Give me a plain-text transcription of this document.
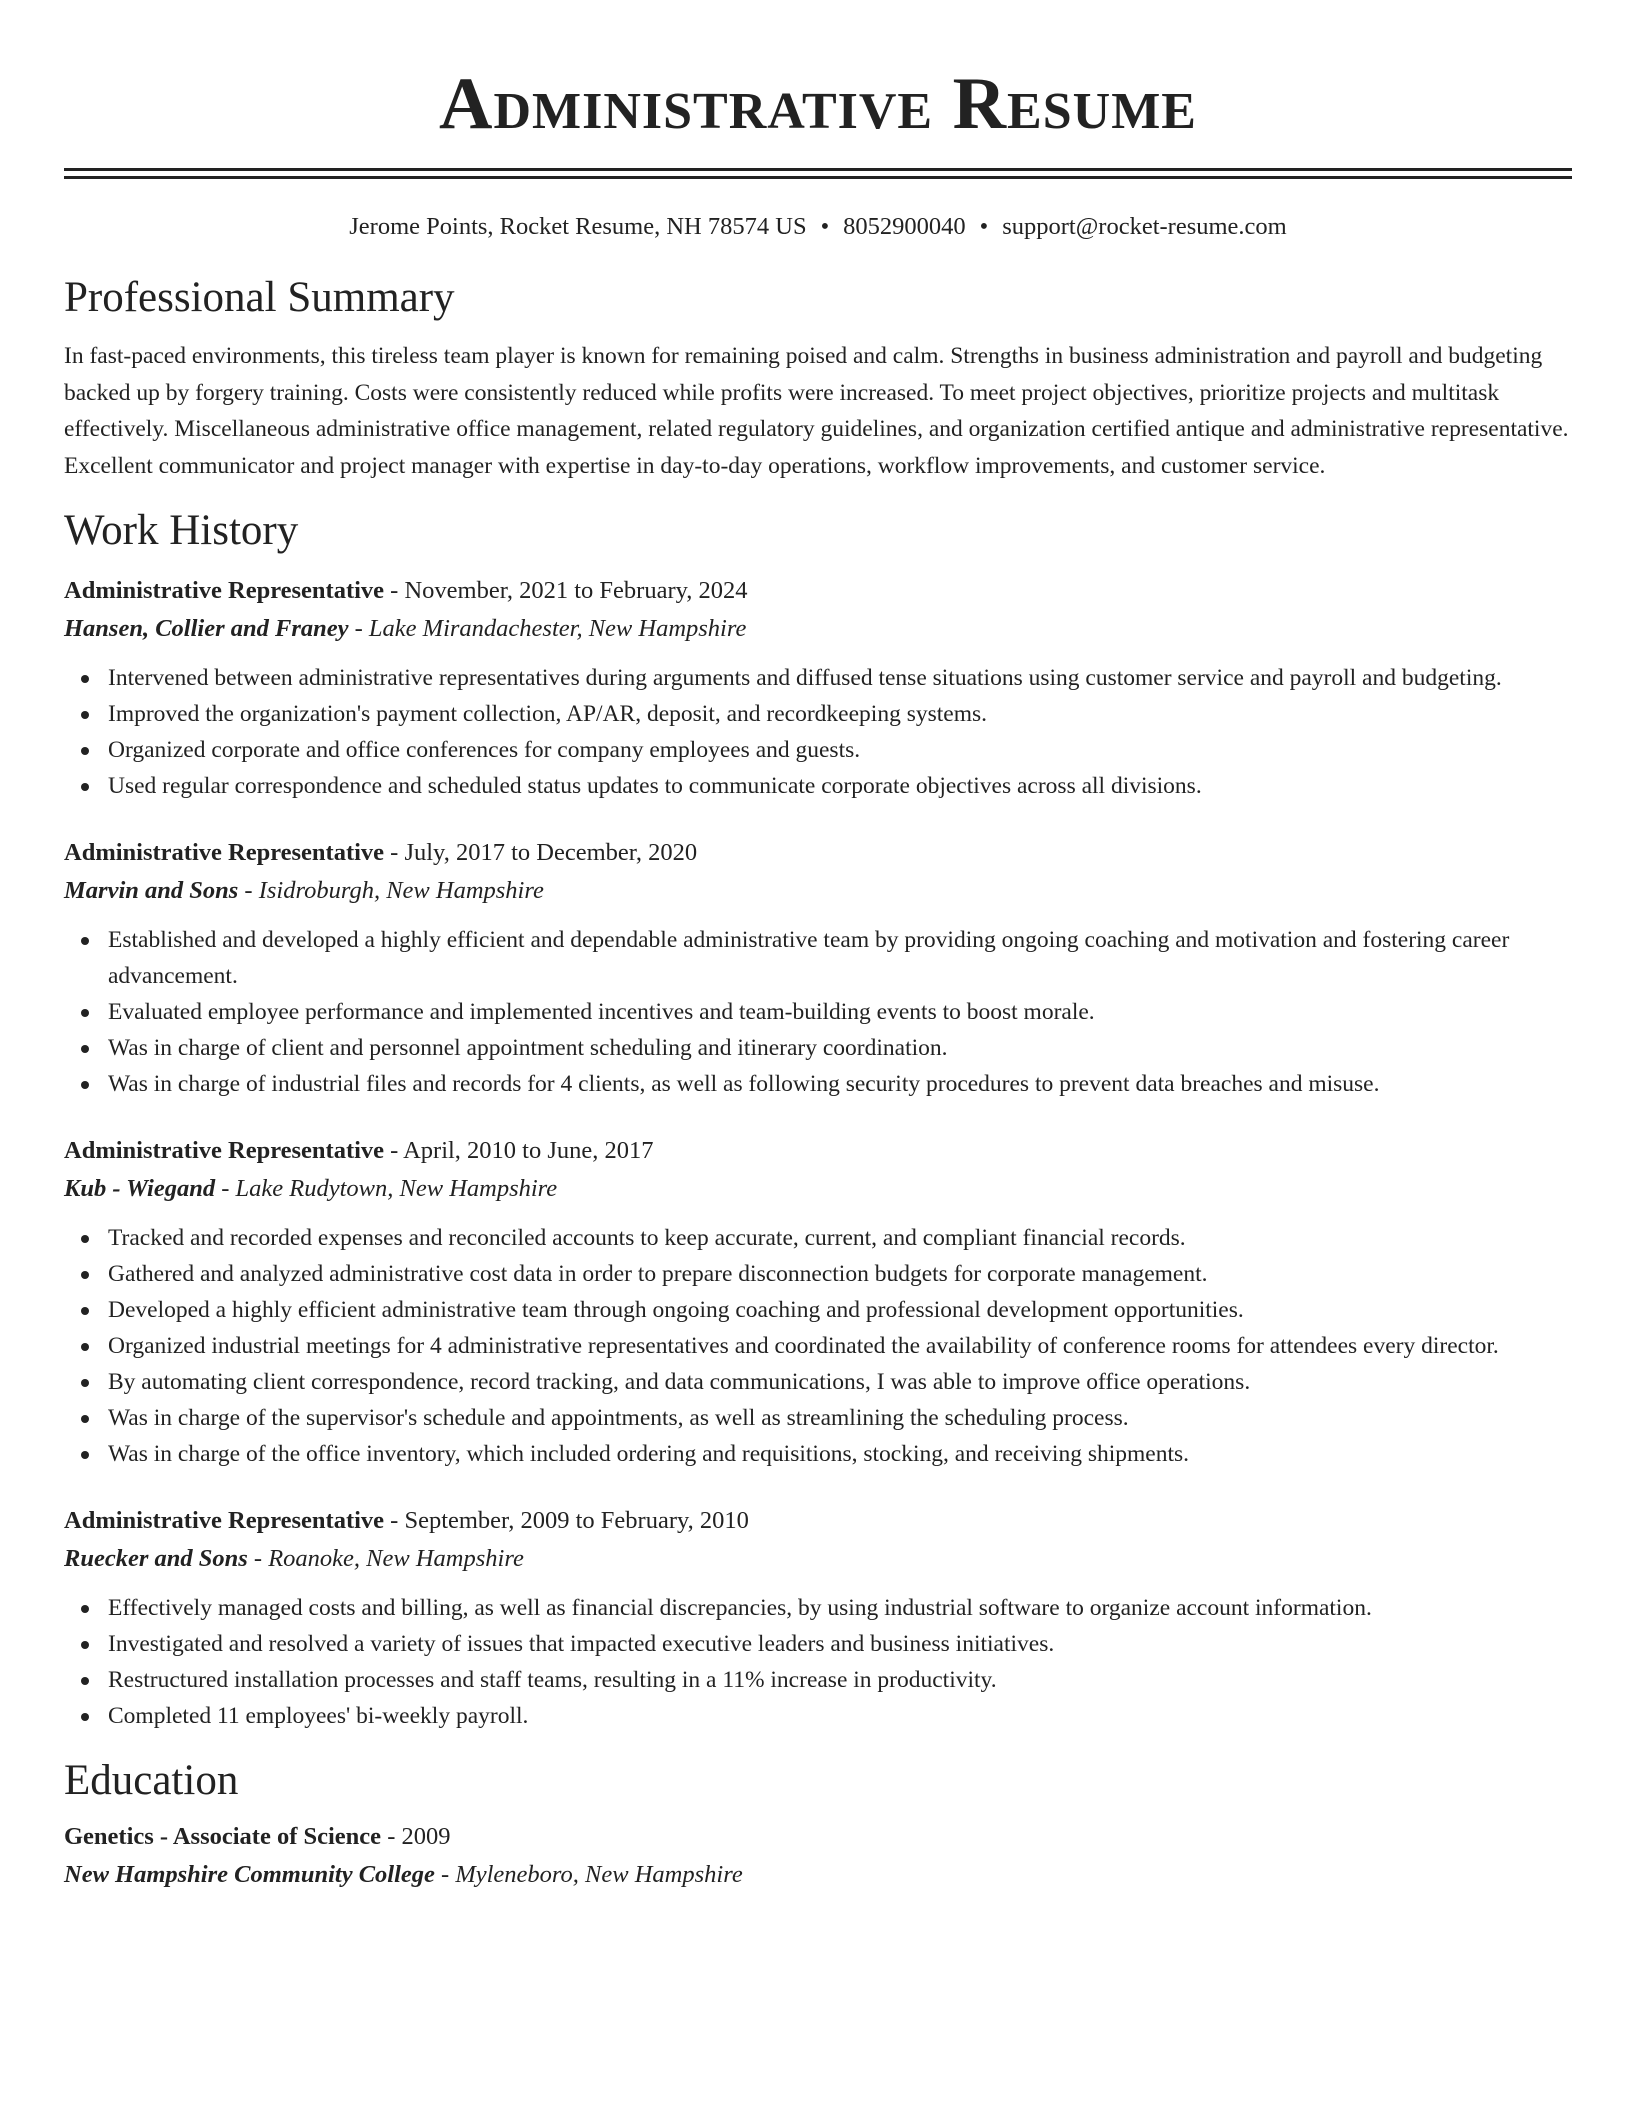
Administrative Resume
Jerome Points, Rocket Resume, NH 78574 US • 8052900040 • support@rocket-resume.com
Professional Summary
In fast-paced environments, this tireless team player is known for remaining poised and calm. Strengths in business administration and payroll and budgeting backed up by forgery training. Costs were consistently reduced while profits were increased. To meet project objectives, prioritize projects and multitask effectively. Miscellaneous administrative office management, related regulatory guidelines, and organization certified antique and administrative representative. Excellent communicator and project manager with expertise in day-to-day operations, workflow improvements, and customer service.
Work History
Administrative Representative - November, 2021 to February, 2024
Hansen, Collier and Franey - Lake Mirandachester, New Hampshire
Intervened between administrative representatives during arguments and diffused tense situations using customer service and payroll and budgeting.
Improved the organization's payment collection, AP/AR, deposit, and recordkeeping systems.
Organized corporate and office conferences for company employees and guests.
Used regular correspondence and scheduled status updates to communicate corporate objectives across all divisions.
Administrative Representative - July, 2017 to December, 2020
Marvin and Sons - Isidroburgh, New Hampshire
Established and developed a highly efficient and dependable administrative team by providing ongoing coaching and motivation and fostering career advancement.
Evaluated employee performance and implemented incentives and team-building events to boost morale.
Was in charge of client and personnel appointment scheduling and itinerary coordination.
Was in charge of industrial files and records for 4 clients, as well as following security procedures to prevent data breaches and misuse.
Administrative Representative - April, 2010 to June, 2017
Kub - Wiegand - Lake Rudytown, New Hampshire
Tracked and recorded expenses and reconciled accounts to keep accurate, current, and compliant financial records.
Gathered and analyzed administrative cost data in order to prepare disconnection budgets for corporate management.
Developed a highly efficient administrative team through ongoing coaching and professional development opportunities.
Organized industrial meetings for 4 administrative representatives and coordinated the availability of conference rooms for attendees every director.
By automating client correspondence, record tracking, and data communications, I was able to improve office operations.
Was in charge of the supervisor's schedule and appointments, as well as streamlining the scheduling process.
Was in charge of the office inventory, which included ordering and requisitions, stocking, and receiving shipments.
Administrative Representative - September, 2009 to February, 2010
Ruecker and Sons - Roanoke, New Hampshire
Effectively managed costs and billing, as well as financial discrepancies, by using industrial software to organize account information.
Investigated and resolved a variety of issues that impacted executive leaders and business initiatives.
Restructured installation processes and staff teams, resulting in a 11% increase in productivity.
Completed 11 employees' bi-weekly payroll.
Education
Genetics - Associate of Science - 2009
New Hampshire Community College - Myleneboro, New Hampshire
